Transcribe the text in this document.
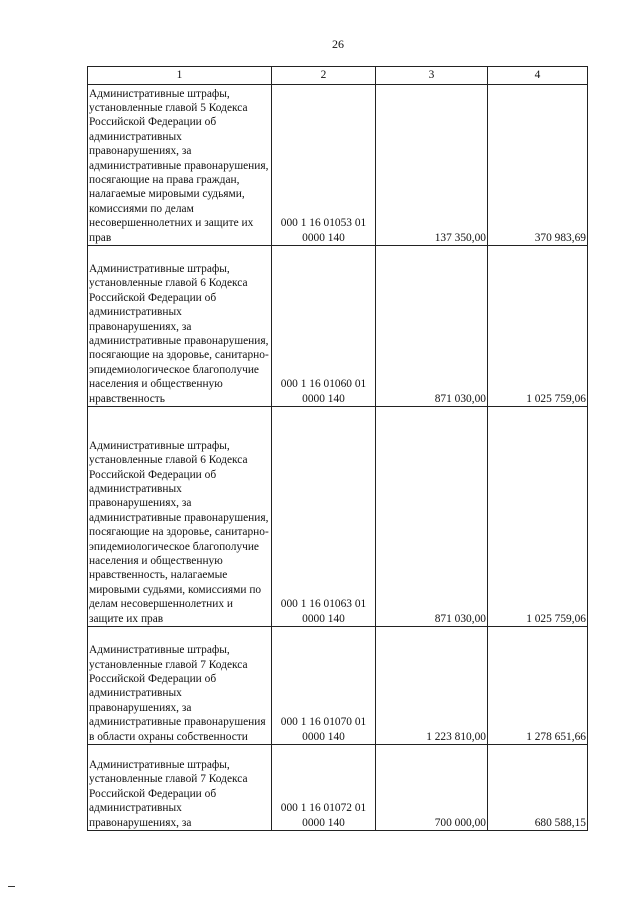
26
1	2	3	4
Административные штрафы, установленные главой 5 Кодекса Российской Федерации об административных правонарушениях, за административные правонарушения, посягающие на права граждан, налагаемые мировыми судьями, комиссиями по делам несовершеннолетних и защите их прав	000 1 16 01053 01 0000 140	137 350,00	370 983,69
Административные штрафы, установленные главой 6 Кодекса Российской Федерации об административных правонарушениях, за административные правонарушения, посягающие на здоровье, санитарно-эпидемиологическое благополучие населения и общественную нравственность	000 1 16 01060 01 0000 140	871 030,00	1 025 759,06
Административные штрафы, установленные главой 6 Кодекса Российской Федерации об административных правонарушениях, за административные правонарушения, посягающие на здоровье, санитарно-эпидемиологическое благополучие населения и общественную нравственность, налагаемые мировыми судьями, комиссиями по делам несовершеннолетних и защите их прав	000 1 16 01063 01 0000 140	871 030,00	1 025 759,06
Административные штрафы, установленные главой 7 Кодекса Российской Федерации об административных правонарушениях, за административные правонарушения в области охраны собственности	000 1 16 01070 01 0000 140	1 223 810,00	1 278 651,66
Административные штрафы, установленные главой 7 Кодекса Российской Федерации об административных правонарушениях, за	000 1 16 01072 01 0000 140	700 000,00	680 588,15
